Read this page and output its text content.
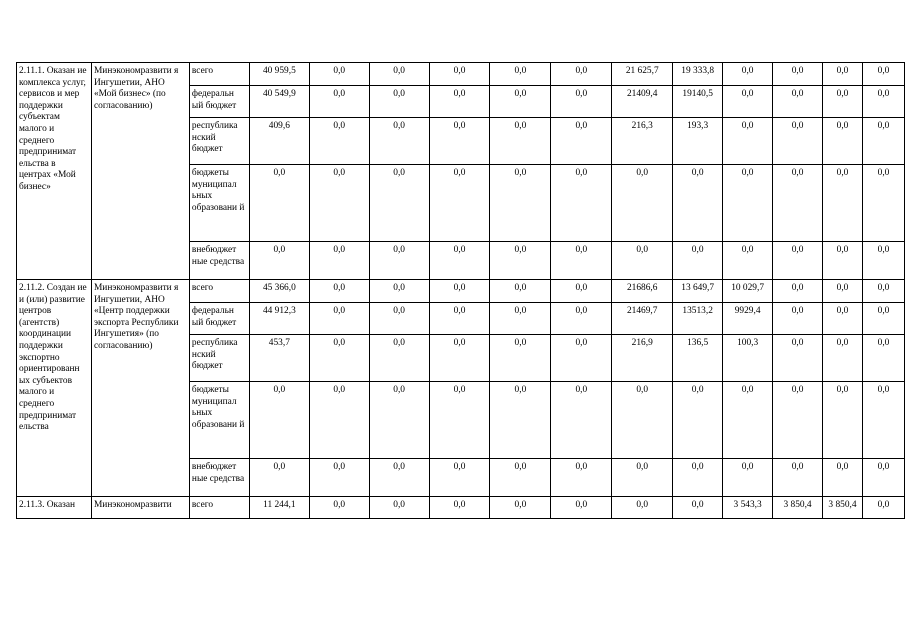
2.11.1. Оказан ие комплекса услуг, сервисов и мер поддержки субъектам малого и среднего предпринимат ельства в центрах «Мой бизнес»	Минэкономразвити я Ингушетии, АНО «Мой бизнес» (по согласованию)	всего	40 959,5	0,0	0,0	0,0	0,0	0,0	21 625,7	19 333,8	0,0	0,0	0,0	0,0
		федеральн ый бюджет	40 549,9	0,0	0,0	0,0	0,0	0,0	21409,4	19140,5	0,0	0,0	0,0	0,0
		республика нский бюджет	409,6	0,0	0,0	0,0	0,0	0,0	216,3	193,3	0,0	0,0	0,0	0,0
		бюджеты муниципал ьных образовани й	0,0	0,0	0,0	0,0	0,0	0,0	0,0	0,0	0,0	0,0	0,0	0,0
		внебюджет ные средства	0,0	0,0	0,0	0,0	0,0	0,0	0,0	0,0	0,0	0,0	0,0	0,0
2.11.2. Создан ие и (или) развитие центров (агентств) координации поддержки экспортно ориентированн ых субъектов малого и среднего предпринимат ельства	Минэкономразвити я Ингушетии, АНО «Центр поддержки экспорта Республики Ингушетия» (по согласованию)	всего	45 366,0	0,0	0,0	0,0	0,0	0,0	21686,6	13 649,7	10 029,7	0,0	0,0	0,0
		федеральн ый бюджет	44 912,3	0,0	0,0	0,0	0,0	0,0	21469,7	13513,2	9929,4	0,0	0,0	0,0
		республика нский бюджет	453,7	0,0	0,0	0,0	0,0	0,0	216,9	136,5	100,3	0,0	0,0	0,0
		бюджеты муниципал ьных образовани й	0,0	0,0	0,0	0,0	0,0	0,0	0,0	0,0	0,0	0,0	0,0	0,0
		внебюджет ные средства	0,0	0,0	0,0	0,0	0,0	0,0	0,0	0,0	0,0	0,0	0,0	0,0
2.11.3. Оказан	Минэкономразвити	всего	11 244,1	0,0	0,0	0,0	0,0	0,0	0,0	0,0	3 543,3	3 850,4	3 850,4	0,0
